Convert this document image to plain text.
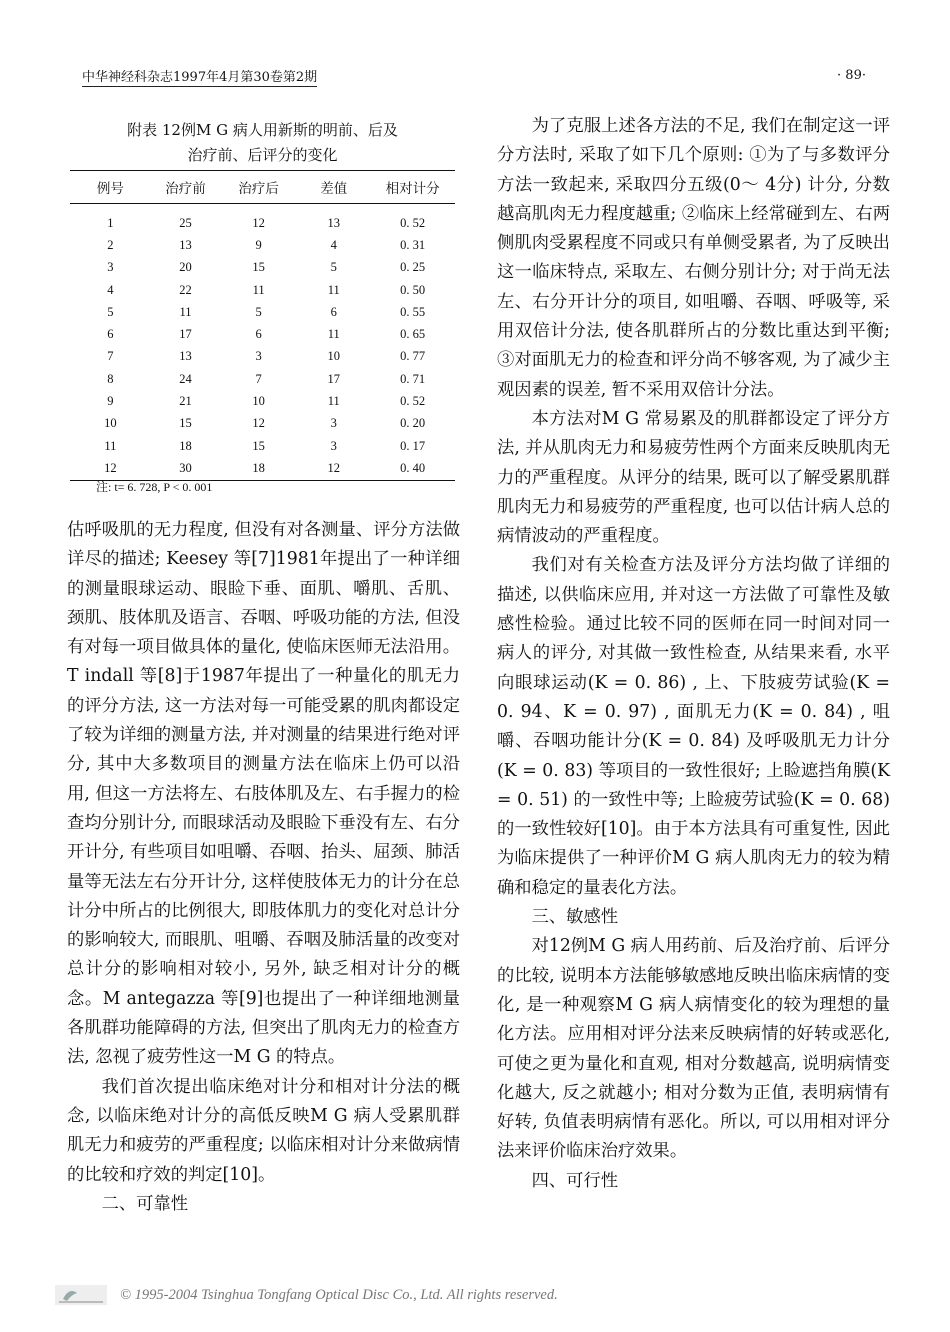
中华神经科杂志1997年4月第30卷第2期	· 89·
附表 12例M G 病人用新斯的明前、后及
治疗前、后评分的变化
例号	治疗前	治疗后	差值	相对计分
1	25	12	13	0. 52
2	13	9	4	0. 31
3	20	15	5	0. 25
4	22	11	11	0. 50
5	11	5	6	0. 55
6	17	6	11	0. 65
7	13	3	10	0. 77
8	24	7	17	0. 71
9	21	10	11	0. 52
10	15	12	3	0. 20
11	18	15	3	0. 17
12	30	18	12	0. 40
注: t= 6. 728, P < 0. 001

估呼吸肌的无力程度, 但没有对各测量、评分方法做详尽的描述; Keesey 等[7]1981年提出了一种详细的测量眼球运动、眼睑下垂、面肌、嚼肌、舌肌、颈肌、肢体肌及语言、吞咽、呼吸功能的方法, 但没有对每一项目做具体的量化, 使临床医师无法沿用。T indall 等[8]于1987年提出了一种量化的肌无力的评分方法, 这一方法对每一可能受累的肌肉都设定了较为详细的测量方法, 并对测量的结果进行绝对评分, 其中大多数项目的测量方法在临床上仍可以沿用, 但这一方法将左、右肢体肌及左、右手握力的检查均分别计分, 而眼球活动及眼睑下垂没有左、右分开计分, 有些项目如咀嚼、吞咽、抬头、屈颈、肺活量等无法左右分开计分, 这样使肢体无力的计分在总计分中所占的比例很大, 即肢体肌力的变化对总计分的影响较大, 而眼肌、咀嚼、吞咽及肺活量的改变对总计分的影响相对较小, 另外, 缺乏相对计分的概念。M antegazza 等[9]也提出了一种详细地测量各肌群功能障碍的方法, 但突出了肌肉无力的检查方法, 忽视了疲劳性这一M G 的特点。

我们首次提出临床绝对计分和相对计分法的概念, 以临床绝对计分的高低反映M G 病人受累肌群肌无力和疲劳的严重程度; 以临床相对计分来做病情的比较和疗效的判定[10]。

二、可靠性

为了克服上述各方法的不足, 我们在制定这一评分方法时, 采取了如下几个原则: ①为了与多数评分方法一致起来, 采取四分五级(0～ 4分) 计分, 分数越高肌肉无力程度越重; ②临床上经常碰到左、右两侧肌肉受累程度不同或只有单侧受累者, 为了反映出这一临床特点, 采取左、右侧分别计分; 对于尚无法左、右分开计分的项目, 如咀嚼、吞咽、呼吸等, 采用双倍计分法, 使各肌群所占的分数比重达到平衡; ③对面肌无力的检查和评分尚不够客观, 为了减少主观因素的误差, 暂不采用双倍计分法。

本方法对M G 常易累及的肌群都设定了评分方法, 并从肌肉无力和易疲劳性两个方面来反映肌肉无力的严重程度。从评分的结果, 既可以了解受累肌群肌肉无力和易疲劳的严重程度, 也可以估计病人总的病情波动的严重程度。

我们对有关检查方法及评分方法均做了详细的描述, 以供临床应用, 并对这一方法做了可靠性及敏感性检验。通过比较不同的医师在同一时间对同一病人的评分, 对其做一致性检查, 从结果来看, 水平向眼球运动(K = 0. 86) , 上、下肢疲劳试验(K = 0. 94、K = 0. 97) , 面肌无力(K = 0. 84) , 咀嚼、吞咽功能计分(K = 0. 84) 及呼吸肌无力计分(K = 0. 83) 等项目的一致性很好; 上睑遮挡角膜(K = 0. 51) 的一致性中等; 上睑疲劳试验(K = 0. 68) 的一致性较好[10]。由于本方法具有可重复性, 因此为临床提供了一种评价M G 病人肌肉无力的较为精确和稳定的量表化方法。

三、敏感性

对12例M G 病人用药前、后及治疗前、后评分的比较, 说明本方法能够敏感地反映出临床病情的变化, 是一种观察M G 病人病情变化的较为理想的量化方法。应用相对评分法来反映病情的好转或恶化, 可使之更为量化和直观, 相对分数越高, 说明病情变化越大, 反之就越小; 相对分数为正值, 表明病情有好转, 负值表明病情有恶化。所以, 可以用相对评分法来评价临床治疗效果。

四、可行性

© 1995-2004 Tsinghua Tongfang Optical Disc Co., Ltd. All rights reserved.
